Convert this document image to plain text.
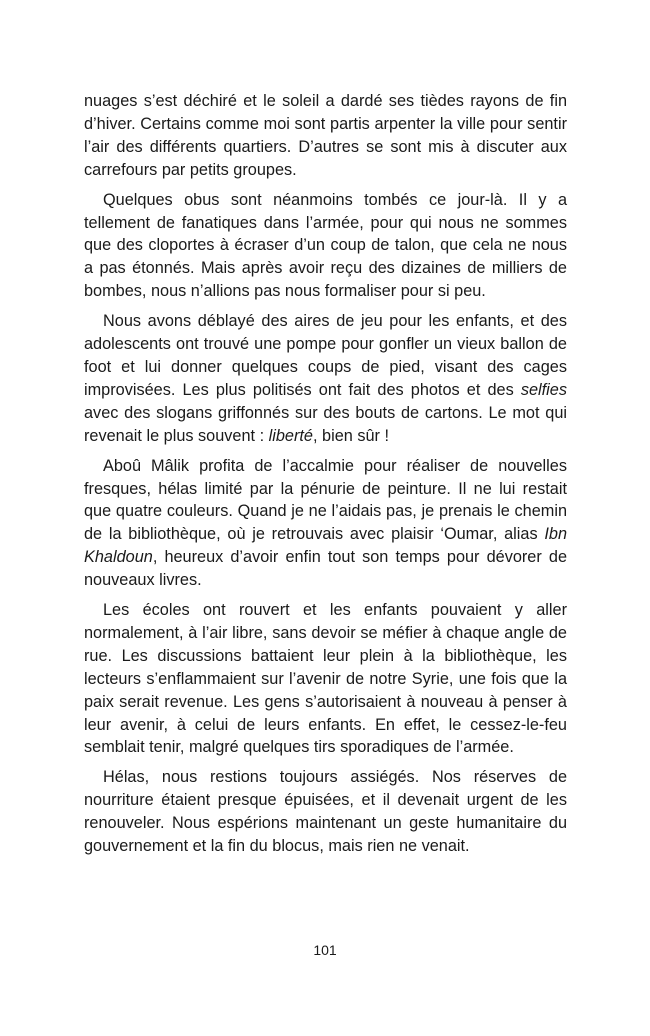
nuages s’est déchiré et le soleil a dardé ses tièdes rayons de fin d’hiver. Certains comme moi sont partis arpenter la ville pour sentir l’air des différents quartiers. D’autres se sont mis à discuter aux carrefours par petits groupes.

Quelques obus sont néanmoins tombés ce jour-là. Il y a tellement de fanatiques dans l’armée, pour qui nous ne sommes que des cloportes à écraser d’un coup de talon, que cela ne nous a pas étonnés. Mais après avoir reçu des dizaines de milliers de bombes, nous n’allions pas nous formaliser pour si peu.

Nous avons déblayé des aires de jeu pour les enfants, et des adolescents ont trouvé une pompe pour gonfler un vieux ballon de foot et lui donner quelques coups de pied, visant des cages improvisées. Les plus politisés ont fait des photos et des selfies avec des slogans griffonnés sur des bouts de cartons. Le mot qui revenait le plus souvent : liberté, bien sûr !

Aboû Mâlik profita de l’accalmie pour réaliser de nouvelles fresques, hélas limité par la pénurie de peinture. Il ne lui restait que quatre couleurs. Quand je ne l’aidais pas, je prenais le chemin de la bibliothèque, où je retrouvais avec plaisir ‘Oumar, alias Ibn Khaldoun, heureux d’avoir enfin tout son temps pour dévorer de nouveaux livres.

Les écoles ont rouvert et les enfants pouvaient y aller normalement, à l’air libre, sans devoir se méfier à chaque angle de rue. Les discussions battaient leur plein à la bibliothèque, les lecteurs s’enflammaient sur l’avenir de notre Syrie, une fois que la paix serait revenue. Les gens s’autorisaient à nouveau à penser à leur avenir, à celui de leurs enfants. En effet, le cessez-le-feu semblait tenir, malgré quelques tirs sporadiques de l’armée.

Hélas, nous restions toujours assiégés. Nos réserves de nourriture étaient presque épuisées, et il devenait urgent de les renouveler. Nous espérions maintenant un geste humanitaire du gouvernement et la fin du blocus, mais rien ne venait.

101
